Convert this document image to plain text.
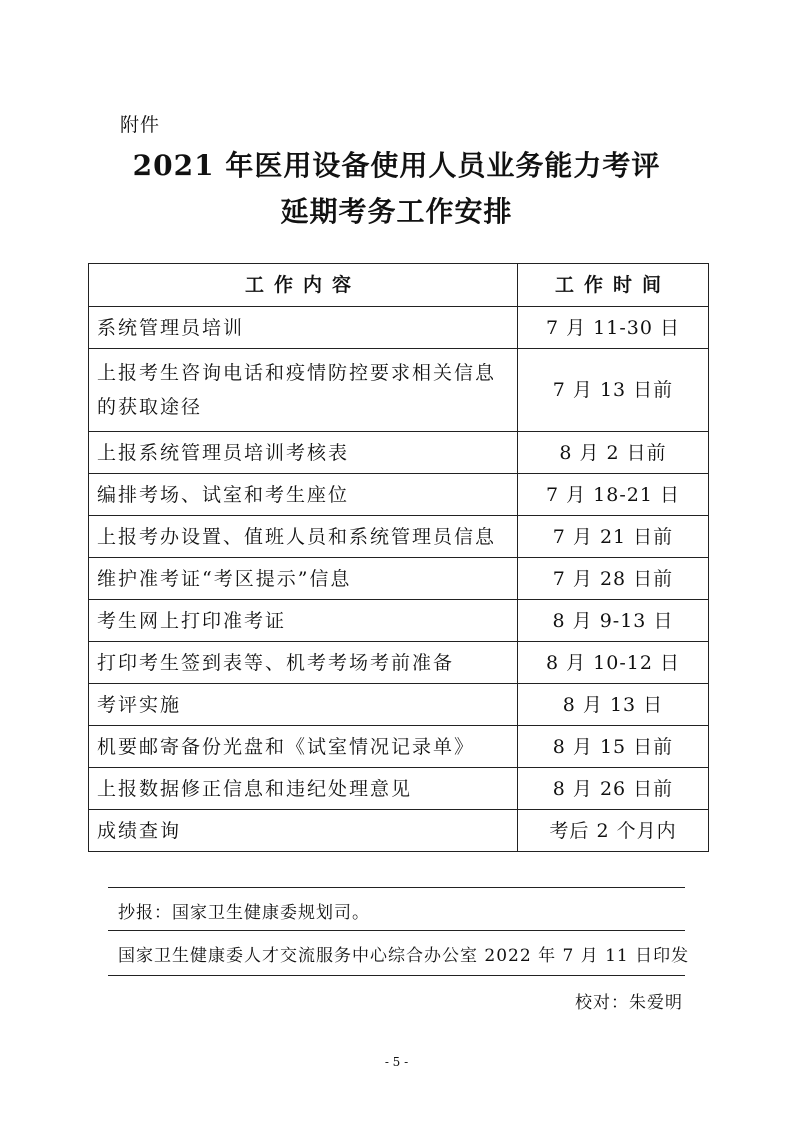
附件
2021 年医用设备使用人员业务能力考评
延期考务工作安排
工作内容	工作时间
系统管理员培训	7 月 11-30 日
上报考生咨询电话和疫情防控要求相关信息的获取途径	7 月 13 日前
上报系统管理员培训考核表	8 月 2 日前
编排考场、试室和考生座位	7 月 18-21 日
上报考办设置、值班人员和系统管理员信息	7 月 21 日前
维护准考证“考区提示”信息	7 月 28 日前
考生网上打印准考证	8 月 9-13 日
打印考生签到表等、机考考场考前准备	8 月 10-12 日
考评实施	8 月 13 日
机要邮寄备份光盘和《试室情况记录单》	8 月 15 日前
上报数据修正信息和违纪处理意见	8 月 26 日前
成绩查询	考后 2 个月内
抄报：国家卫生健康委规划司。
国家卫生健康委人才交流服务中心综合办公室 2022 年 7 月 11 日印发
校对：朱爱明
- 5 -
